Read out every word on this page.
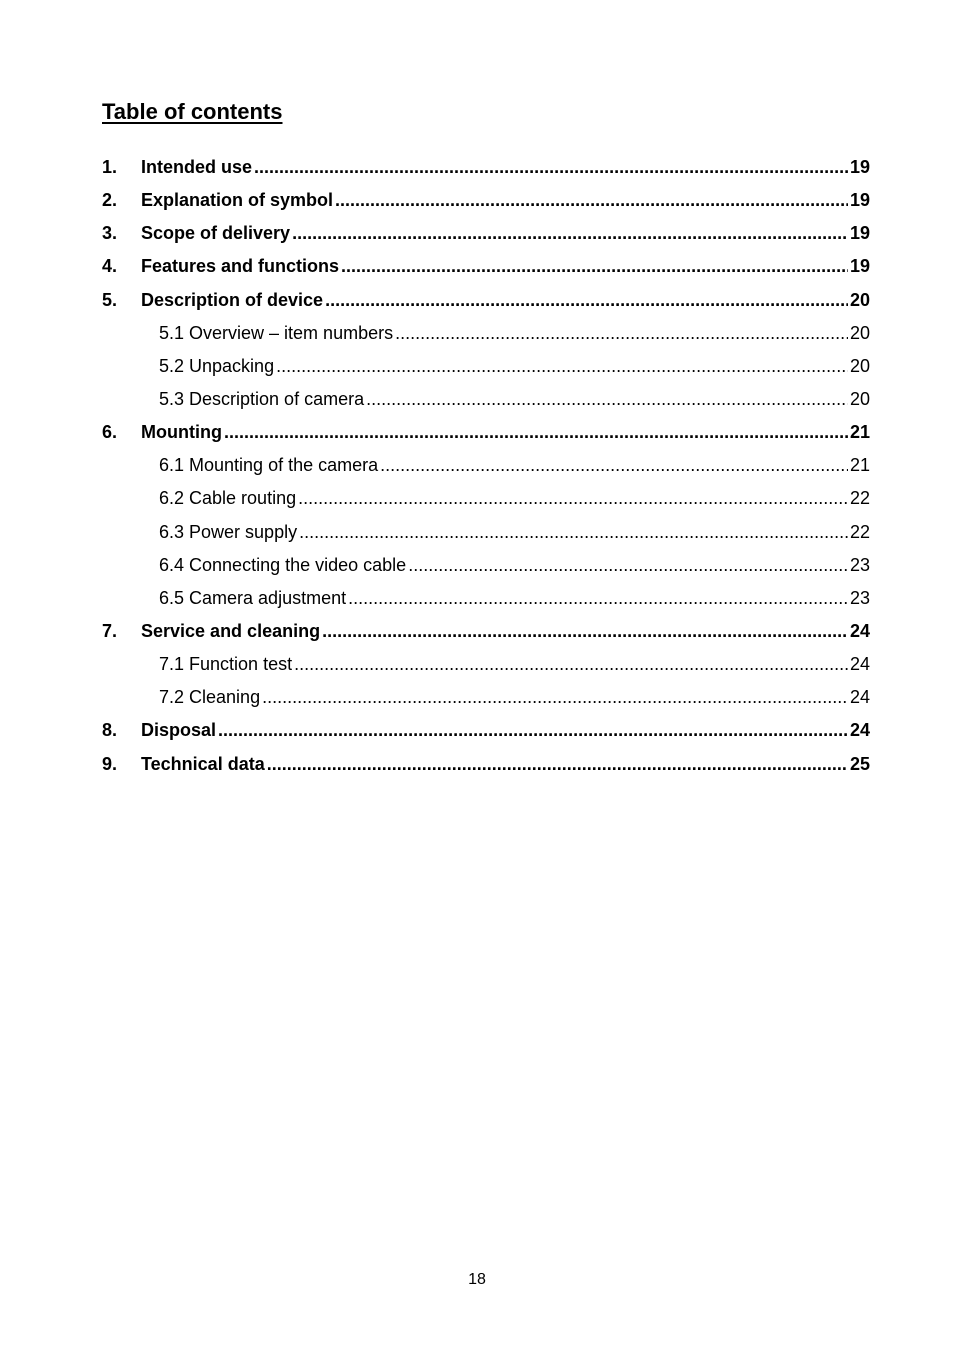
Table of contents
1.	Intended use .....	19
2.	Explanation of symbol .....	19
3.	Scope of delivery .....	19
4.	Features and functions .....	19
5.	Description of device .....	20
5.1 Overview – item numbers .....	20
5.2 Unpacking .....	20
5.3 Description of camera .....	20
6.	Mounting .....	21
6.1 Mounting of the camera .....	21
6.2 Cable routing .....	22
6.3 Power supply .....	22
6.4 Connecting the video cable .....	23
6.5 Camera adjustment .....	23
7.	Service and cleaning .....	24
7.1 Function test .....	24
7.2 Cleaning .....	24
8.	Disposal .....	24
9.	Technical data .....	25
18
